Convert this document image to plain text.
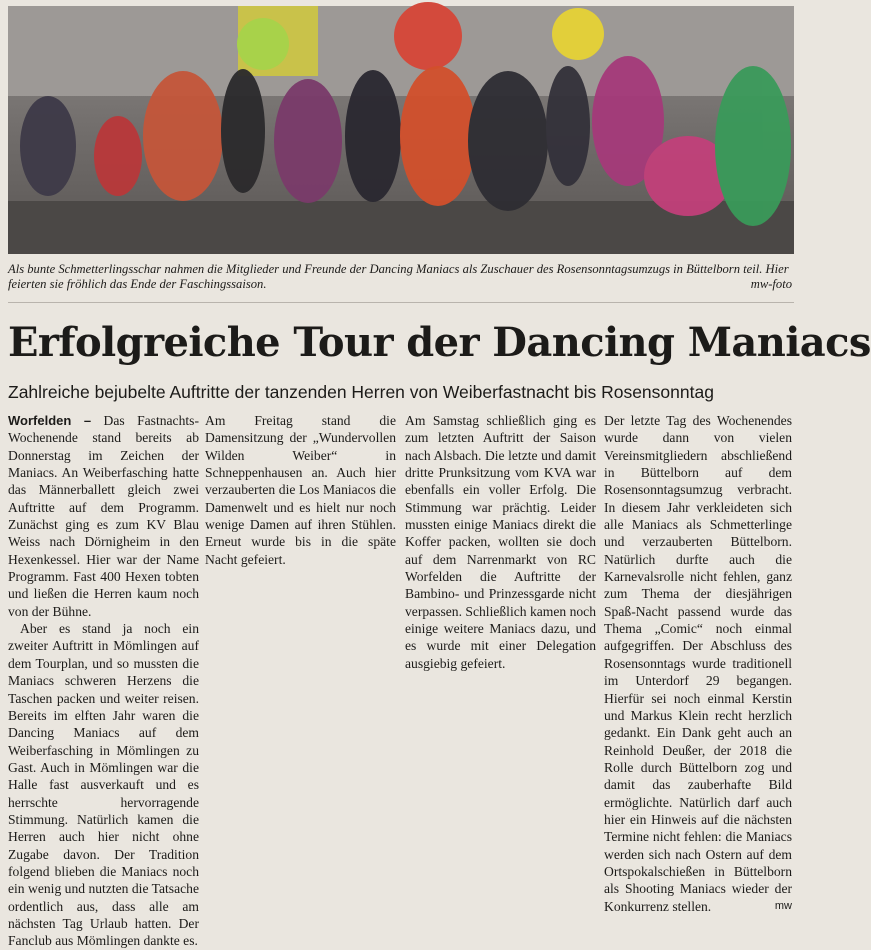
Als bunte Schmetterlingsschar nahmen die Mitglieder und Freunde der Dancing Maniacs als Zuschauer des Rosensonntagsumzugs in Büttelborn teil. Hier feierten sie fröhlich das Ende der Faschingssaison.	mw-foto
Erfolgreiche Tour der Dancing Maniacs
Zahlreiche bejubelte Auftritte der tanzenden Herren von Weiberfastnacht bis Rosensonntag

Worfelden – Das Fastnachts-Wochenende stand bereits ab Donnerstag im Zeichen der Maniacs. An Weiberfasching hatte das Männerballett gleich zwei Auftritte auf dem Programm. Zunächst ging es zum KV Blau Weiss nach Dörnigheim in den Hexenkessel. Hier war der Name Programm. Fast 400 Hexen tobten und ließen die Herren kaum noch von der Bühne.

Aber es stand ja noch ein zweiter Auftritt in Mömlingen auf dem Tourplan, und so mussten die Maniacs schweren Herzens die Taschen packen und weiter reisen. Bereits im elften Jahr waren die Dancing Maniacs auf dem Weiberfasching in Mömlingen zu Gast. Auch in Mömlingen war die Halle fast ausverkauft und es herrschte hervorragende Stimmung. Natürlich kamen die Herren auch hier nicht ohne Zugabe davon. Der Tradition folgend blieben die Maniacs noch ein wenig und nutzten die Tatsache ordentlich aus, dass alle am nächsten Tag Urlaub hatten. Der Fanclub aus Mömlingen dankte es.

Am Freitag stand die Damensitzung der „Wundervollen Wilden Weiber“ in Schneppenhausen an. Auch hier verzauberten die Los Maniacos die Damenwelt und es hielt nur noch wenige Damen auf ihren Stühlen. Erneut wurde bis in die späte Nacht gefeiert.

Am Samstag schließlich ging es zum letzten Auftritt der Saison nach Alsbach. Die letzte und damit dritte Prunksitzung vom KVA war ebenfalls ein voller Erfolg. Die Stimmung war prächtig. Leider mussten einige Maniacs direkt die Koffer packen, wollten sie doch auf dem Narrenmarkt von RC Worfelden die Auftritte der Bambino- und Prinzessgarde nicht verpassen. Schließlich kamen noch einige weitere Maniacs dazu, und es wurde mit einer Delegation ausgiebig gefeiert.

Der letzte Tag des Wochenendes wurde dann von vielen Vereinsmitgliedern abschließend in Büttelborn auf dem Rosensonntagsumzug verbracht. In diesem Jahr verkleideten sich alle Maniacs als Schmetterlinge und verzauberten Büttelborn. Natürlich durfte auch die Karnevalsrolle nicht fehlen, ganz zum Thema der diesjährigen Spaß-Nacht passend wurde das Thema „Comic“ noch einmal aufgegriffen. Der Abschluss des Rosensonntags wurde traditionell im Unterdorf 29 begangen. Hierfür sei noch einmal Kerstin und Markus Klein recht herzlich gedankt. Ein Dank geht auch an Reinhold Deußer, der 2018 die Rolle durch Büttelborn zog und damit das zauberhafte Bild ermöglichte. Natürlich darf auch hier ein Hinweis auf die nächsten Termine nicht fehlen: die Maniacs werden sich nach Ostern auf dem Ortspokalschießen in Büttelborn als Shooting Maniacs wieder der Konkurrenz stellen.	mw
